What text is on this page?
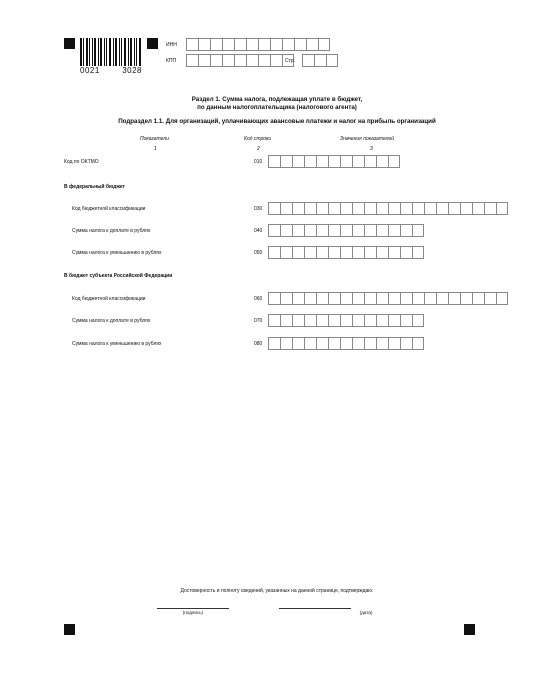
0021	3028
ИНН
КПП	Стр.
Раздел 1. Сумма налога, подлежащая уплате в бюджет,
по данным налогоплательщика (налогового агента)
Подраздел 1.1. Для организаций, уплачивающих авансовые платежи и налог на прибыль организаций
Показатели	Код строки	Значения показателей
1	2	3
Код по ОКТМО	010
В федеральный бюджет
Код бюджетной классификации	030
Сумма налога к доплате в рублях	040
Сумма налога к уменьшению в рублях	050
В бюджет субъекта Российской Федерации
Код бюджетной классификации	060
Сумма налога к доплате в рублях	070
Сумма налога к уменьшению в рублях	080
Достоверность и полноту сведений, указанных на данной странице, подтверждаю:
(подпись)	(дата)
